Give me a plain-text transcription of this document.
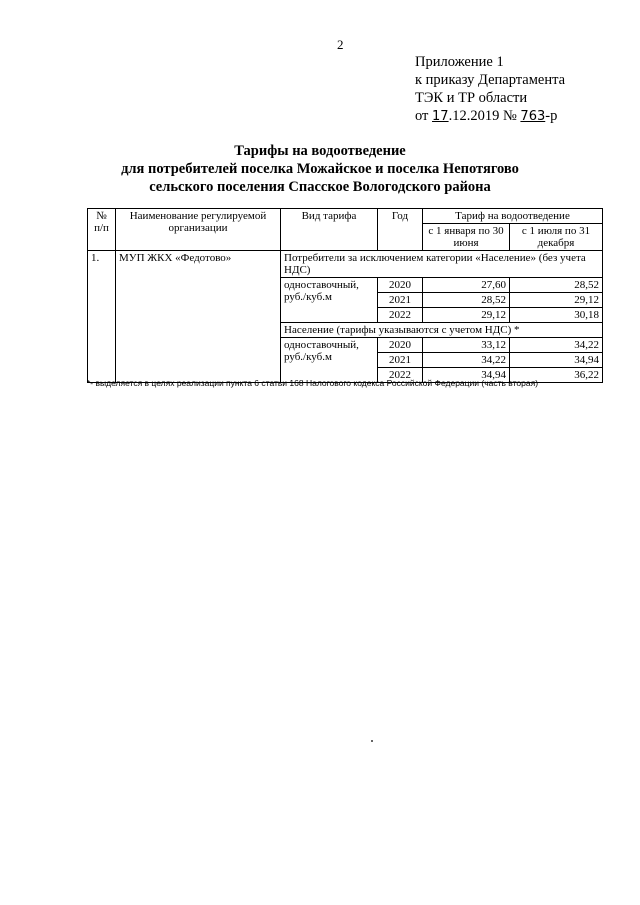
2
Приложение 1
к приказу Департамента
ТЭК и ТР области
от 17.12.2019 № 763-р
Тарифы на водоотведение
для потребителей поселка Можайское и поселка Непотягово
сельского поселения Спасское Вологодского района
№ п/п	Наименование регулируемой организации	Вид тарифа	Год	Тариф на водоотведение	
				с 1 января по 30 июня	с 1 июля по 31 декабря
1.	МУП ЖКХ «Федотово»	Потребители за исключением категории «Население» (без учета НДС)			
		одноставочный, руб./куб.м	2020	27,60	28,52
			2021	28,52	29,12
			2022	29,12	30,18
		Население (тарифы указываются с учетом НДС) *			
		одноставочный, руб./куб.м	2020	33,12	34,22
			2021	34,22	34,94
			2022	34,94	36,22
*- выделяется в целях реализации пункта 6 статьи 168 Налогового кодекса Российской Федерации (часть вторая)
